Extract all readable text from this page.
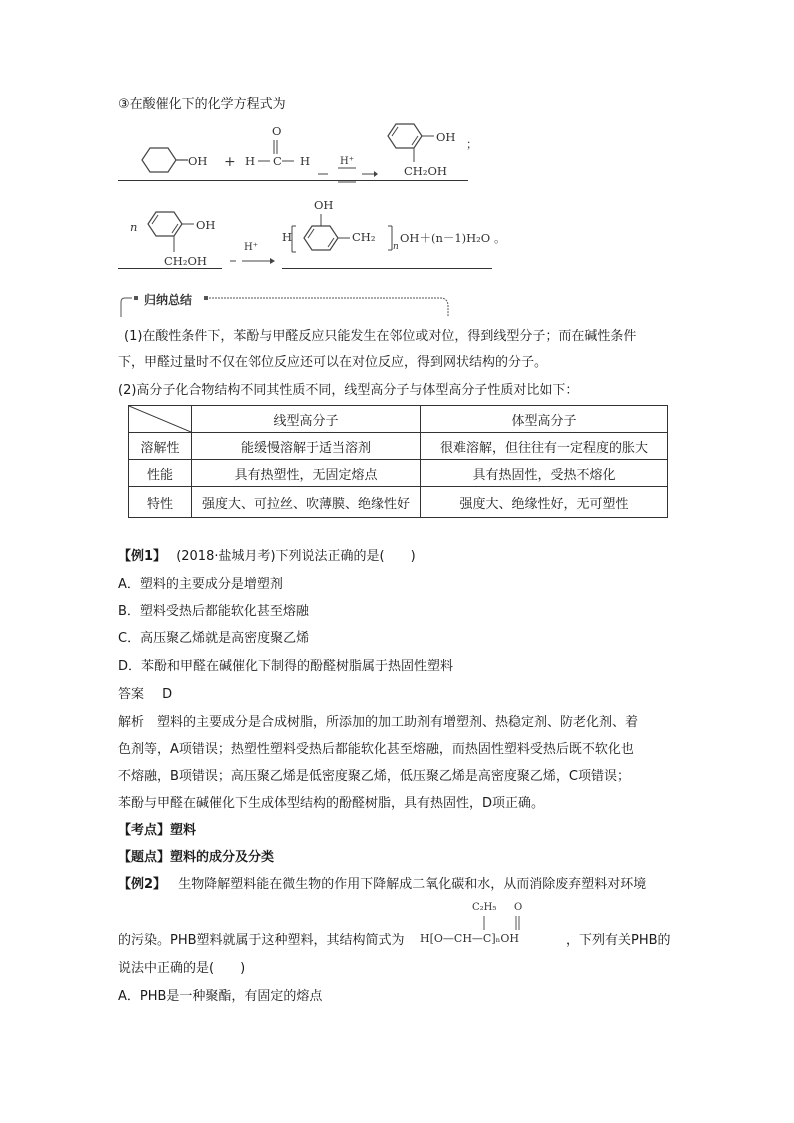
③在酸催化下的化学方程式为
OH + H
O
C H	H⁺
OH
CH₂OH
；
n	OH
CH₂OH
H⁺
OH
H	CH₂
n
OH＋(n－1)H₂O 。
归纳总结
(1)在酸性条件下，苯酚与甲醛反应只能发生在邻位或对位，得到线型分子；而在碱性条件
下，甲醛过量时不仅在邻位反应还可以在对位反应，得到网状结构的分子。
(2)高分子化合物结构不同其性质不同，线型高分子与体型高分子性质对比如下：
	线型高分子	体型高分子
溶解性	能缓慢溶解于适当溶剂	很难溶解，但往往有一定程度的胀大
性能	具有热塑性，无固定熔点	具有热固性，受热不熔化
特性	强度大、可拉丝、吹薄膜、绝缘性好	强度大、绝缘性好，无可塑性
【例1】 (2018·盐城月考)下列说法正确的是(　　)
A．塑料的主要成分是增塑剂
B．塑料受热后都能软化甚至熔融
C．高压聚乙烯就是高密度聚乙烯
D．苯酚和甲醛在碱催化下制得的酚醛树脂属于热固性塑料
答案 D
解析　塑料的主要成分是合成树脂，所添加的加工助剂有增塑剂、热稳定剂、防老化剂、着
色剂等，A项错误；热塑性塑料受热后都能软化甚至熔融，而热固性塑料受热后既不软化也
不熔融，B项错误；高压聚乙烯是低密度聚乙烯，低压聚乙烯是高密度聚乙烯，C项错误；
苯酚与甲醛在碱催化下生成体型结构的酚醛树脂，具有热固性，D项正确。
【考点】塑料
【题点】塑料的成分及分类
【例2】 生物降解塑料能在微生物的作用下降解成二氧化碳和水，从而消除废弃塑料对环境
的污染。PHB塑料就属于这种塑料，其结构简式为
C₂H₅ O
H[O—CH—C]ₙOH	，下列有关PHB的
说法中正确的是(　　)
A．PHB是一种聚酯，有固定的熔点
